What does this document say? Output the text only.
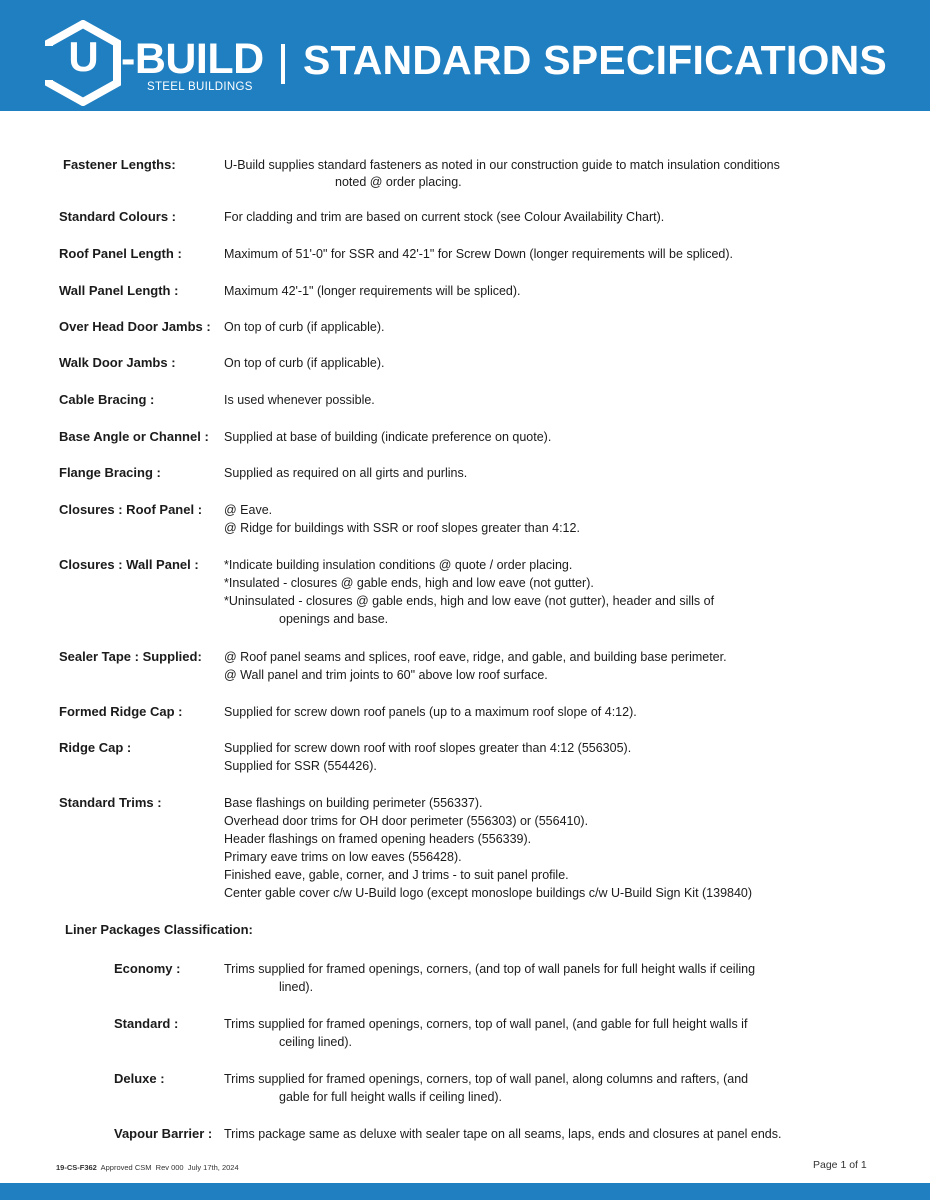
U -BUILD
STEEL BUILDINGS
STANDARD SPECIFICATIONS
Fastener Lengths:	U-Build supplies standard fasteners as noted in our construction guide to match insulation conditions
noted @ order placing.
Standard Colours :	For cladding and trim are based on current stock (see Colour Availability Chart).
Roof Panel Length :	Maximum of 51'-0" for SSR and 42'-1" for Screw Down (longer requirements will be spliced).
Wall Panel Length :	Maximum 42'-1" (longer requirements will be spliced).
Over Head Door Jambs : On top of curb (if applicable).
Walk Door Jambs :	On top of curb (if applicable).
Cable Bracing :	Is used whenever possible.
Base Angle or Channel : Supplied at base of building (indicate preference on quote).
Flange Bracing :	Supplied as required on all girts and purlins.
Closures : Roof Panel : @ Eave.
@ Ridge for buildings with SSR or roof slopes greater than 4:12.
Closures : Wall Panel : *Indicate building insulation conditions @ quote / order placing.
*Insulated - closures @ gable ends, high and low eave (not gutter).
*Uninsulated - closures @ gable ends, high and low eave (not gutter), header and sills of
openings and base.
Sealer Tape : Supplied: @ Roof panel seams and splices, roof eave, ridge, and gable, and building base perimeter.
@ Wall panel and trim joints to 60" above low roof surface.
Formed Ridge Cap :	Supplied for screw down roof panels (up to a maximum roof slope of 4:12).
Ridge Cap :	Supplied for screw down roof with roof slopes greater than 4:12 (556305).
Supplied for SSR (554426).
Standard Trims :	Base flashings on building perimeter (556337).
Overhead door trims for OH door perimeter (556303) or (556410).
Header flashings on framed opening headers (556339).
Primary eave trims on low eaves (556428).
Finished eave, gable, corner, and J trims - to suit panel profile.
Center gable cover c/w U-Build logo (except monoslope buildings c/w U-Build Sign Kit (139840)
Liner Packages Classification:
Economy :	Trims supplied for framed openings, corners, (and top of wall panels for full height walls if ceiling
lined).
Standard :	Trims supplied for framed openings, corners, top of wall panel, (and gable for full height walls if
ceiling lined).
Deluxe :	Trims supplied for framed openings, corners, top of wall panel, along columns and rafters, (and
gable for full height walls if ceiling lined).
Vapour Barrier : Trims package same as deluxe with sealer tape on all seams, laps, ends and closures at panel ends.
19-CS-F362 Approved CSM Rev 000 July 17th, 2024	Page 1 of 1
